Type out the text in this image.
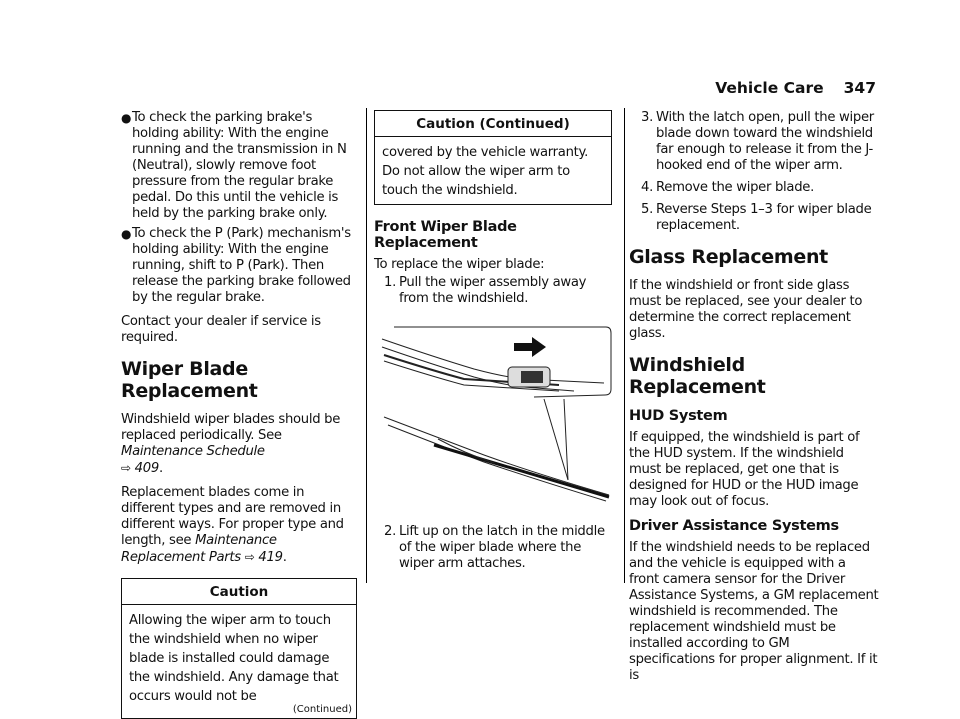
Vehicle Care 347
● To check the parking brake's holding ability: With the engine running and the transmission in N (Neutral), slowly remove foot pressure from the regular brake pedal. Do this until the vehicle is held by the parking brake only.
● To check the P (Park) mechanism's holding ability: With the engine running, shift to P (Park). Then release the parking brake followed by the regular brake.

Contact your dealer if service is required.

Wiper Blade Replacement

Windshield wiper blades should be replaced periodically. See Maintenance Schedule
⇨ 409.

Replacement blades come in different types and are removed in different ways. For proper type and length, see Maintenance Replacement Parts ⇨ 419.

Caution
Allowing the wiper arm to touch the windshield when no wiper blade is installed could damage the windshield. Any damage that occurs would not be
(Continued)
Caution (Continued)
covered by the vehicle warranty. Do not allow the wiper arm to touch the windshield.
Front Wiper Blade Replacement

To replace the wiper blade:

1. Pull the wiper assembly away from the windshield.
2. Lift up on the latch in the middle of the wiper blade where the wiper arm attaches.
3. With the latch open, pull the wiper blade down toward the windshield far enough to release it from the J-hooked end of the wiper arm.
4. Remove the wiper blade.
5. Reverse Steps 1–3 for wiper blade replacement.
Glass Replacement

If the windshield or front side glass must be replaced, see your dealer to determine the correct replacement glass.

Windshield Replacement
HUD System

If equipped, the windshield is part of the HUD system. If the windshield must be replaced, get one that is designed for HUD or the HUD image may look out of focus.

Driver Assistance Systems

If the windshield needs to be replaced and the vehicle is equipped with a front camera sensor for the Driver Assistance Systems, a GM replacement windshield is recommended. The replacement windshield must be installed according to GM specifications for proper alignment. If it is
